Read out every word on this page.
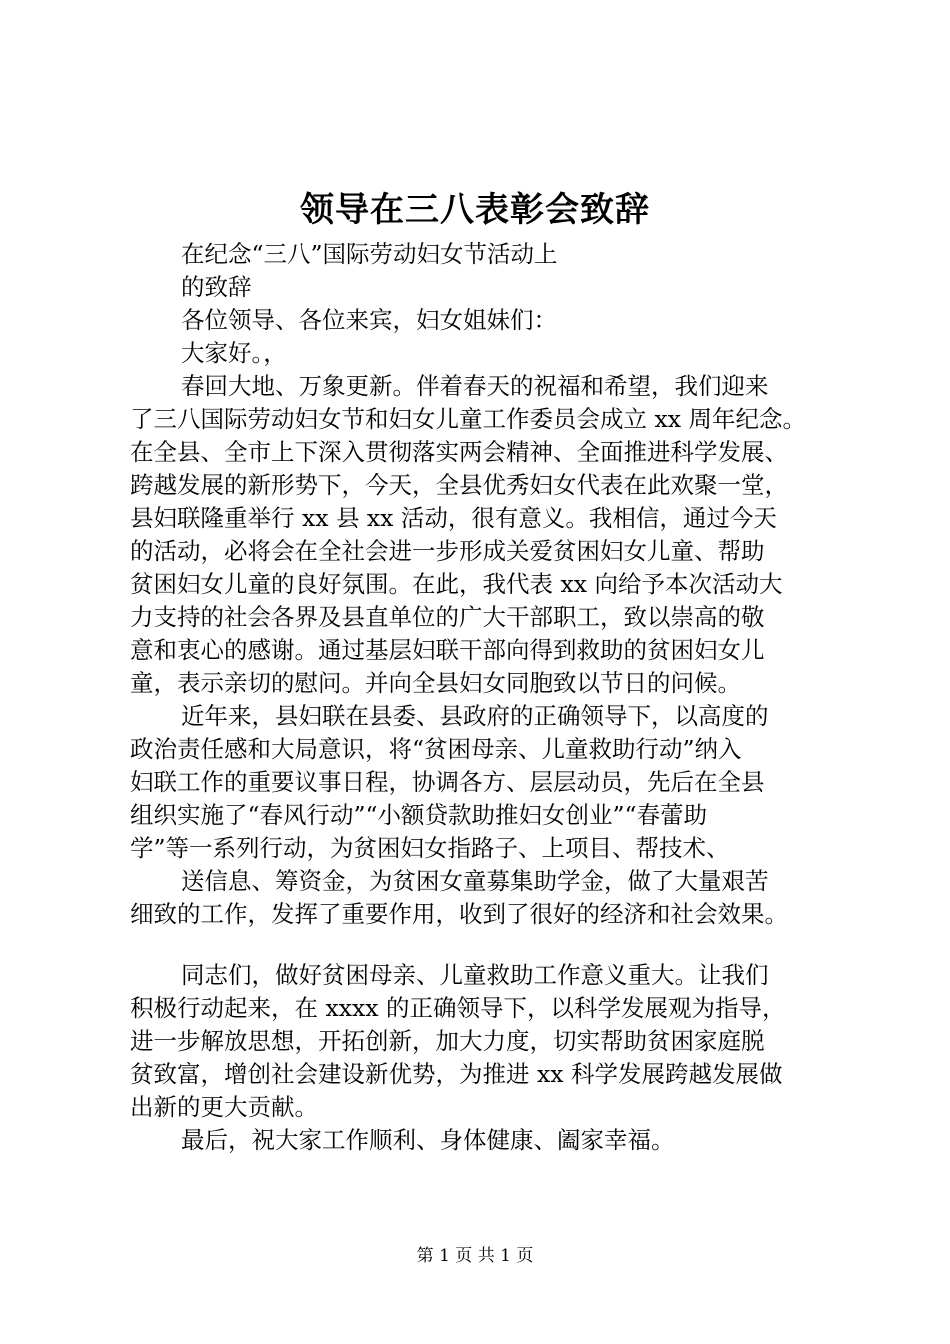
领导在三八表彰会致辞
在纪念“三八”国际劳动妇女节活动上
的致辞
各位领导、各位来宾，妇女姐妹们：
大家好。，
春回大地、万象更新。伴着春天的祝福和希望，我们迎来
了三八国际劳动妇女节和妇女儿童工作委员会成立 xx 周年纪念。
在全县、全市上下深入贯彻落实两会精神、全面推进科学发展、
跨越发展的新形势下，今天，全县优秀妇女代表在此欢聚一堂，
县妇联隆重举行 xx 县 xx 活动，很有意义。我相信，通过今天
的活动，必将会在全社会进一步形成关爱贫困妇女儿童、帮助
贫困妇女儿童的良好氛围。在此，我代表 xx 向给予本次活动大
力支持的社会各界及县直单位的广大干部职工，致以崇高的敬
意和衷心的感谢。通过基层妇联干部向得到救助的贫困妇女儿
童，表示亲切的慰问。并向全县妇女同胞致以节日的问候。
近年来，县妇联在县委、县政府的正确领导下，以高度的
政治责任感和大局意识，将“贫困母亲、儿童救助行动”纳入
妇联工作的重要议事日程，协调各方、层层动员，先后在全县
组织实施了“春风行动”“小额贷款助推妇女创业”“春蕾助
学”等一系列行动，为贫困妇女指路子、上项目、帮技术、
送信息、筹资金，为贫困女童募集助学金，做了大量艰苦
细致的工作，发挥了重要作用，收到了很好的经济和社会效果。
同志们，做好贫困母亲、儿童救助工作意义重大。让我们
积极行动起来，在 xxxx 的正确领导下，以科学发展观为指导，
进一步解放思想，开拓创新，加大力度，切实帮助贫困家庭脱
贫致富，增创社会建设新优势，为推进 xx 科学发展跨越发展做
出新的更大贡献。
最后，祝大家工作顺利、身体健康、阖家幸福。
第 1 页 共 1 页
